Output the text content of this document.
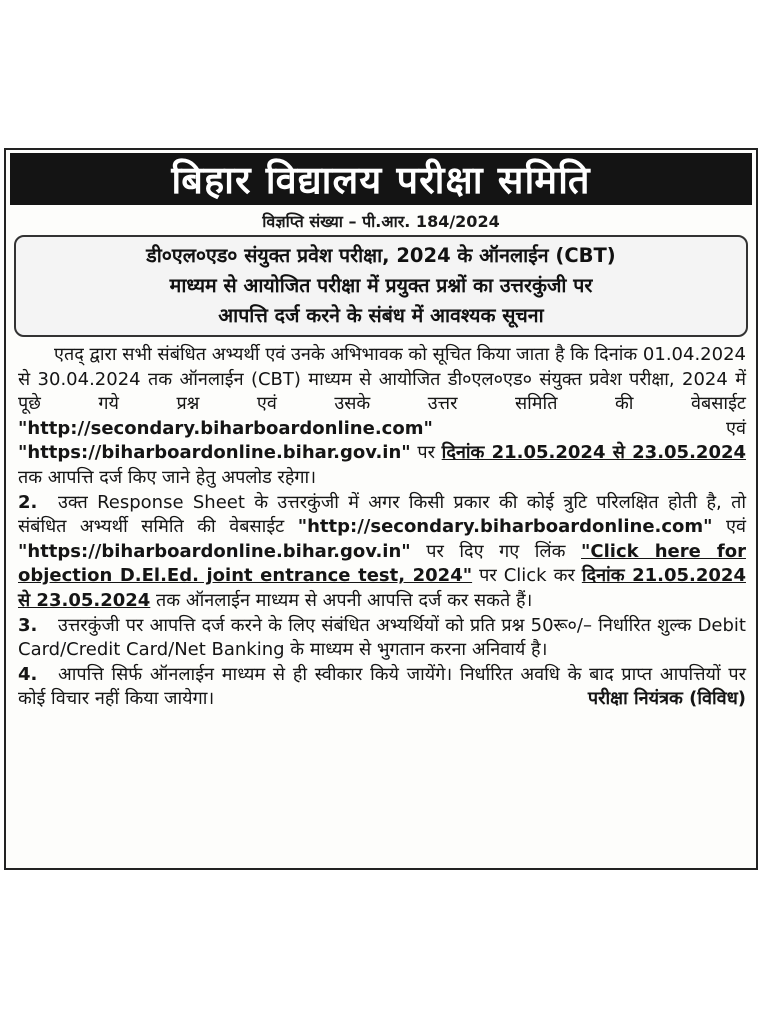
बिहार विद्यालय परीक्षा समिति
विज्ञप्ति संख्या – पी.आर. 184/2024
डी०एल०एड० संयुक्त प्रवेश परीक्षा, 2024 के ऑनलाईन (CBT)
माध्यम से आयोजित परीक्षा में प्रयुक्त प्रश्नों का उत्तरकुंजी पर
आपत्ति दर्ज करने के संबंध में आवश्यक सूचना

एतद् द्वारा सभी संबंधित अभ्यर्थी एवं उनके अभिभावक को सूचित किया जाता है कि दिनांक 01.04.2024 से 30.04.2024 तक ऑनलाईन (CBT) माध्यम से आयोजित डी०एल०एड० संयुक्त प्रवेश परीक्षा, 2024 में पूछे गये प्रश्न एवं उसके उत्तर समिति की वेबसाईट "http://secondary.biharboardonline.com" एवं "https://biharboardonline.bihar.gov.in" पर दिनांक 21.05.2024 से 23.05.2024 तक आपत्ति दर्ज किए जाने हेतु अपलोड रहेगा।

2. उक्त Response Sheet के उत्तरकुंजी में अगर किसी प्रकार की कोई त्रुटि परिलक्षित होती है, तो संबंधित अभ्यर्थी समिति की वेबसाईट "http://secondary.biharboardonline.com" एवं "https://biharboardonline.bihar.gov.in" पर दिए गए लिंक "Click here for objection D.El.Ed. joint entrance test, 2024" पर Click कर दिनांक 21.05.2024 से 23.05.2024 तक ऑनलाईन माध्यम से अपनी आपत्ति दर्ज कर सकते हैं।

3. उत्तरकुंजी पर आपत्ति दर्ज करने के लिए संबंधित अभ्यर्थियों को प्रति प्रश्न 50रू०/– निर्धारित शुल्क Debit Card/Credit Card/Net Banking के माध्यम से भुगतान करना अनिवार्य है।

4. आपत्ति सिर्फ ऑनलाईन माध्यम से ही स्वीकार किये जायेंगे। निर्धारित अवधि के बाद प्राप्त आपत्तियों पर कोई विचार नहीं किया जायेगा।	परीक्षा नियंत्रक (विविध)
